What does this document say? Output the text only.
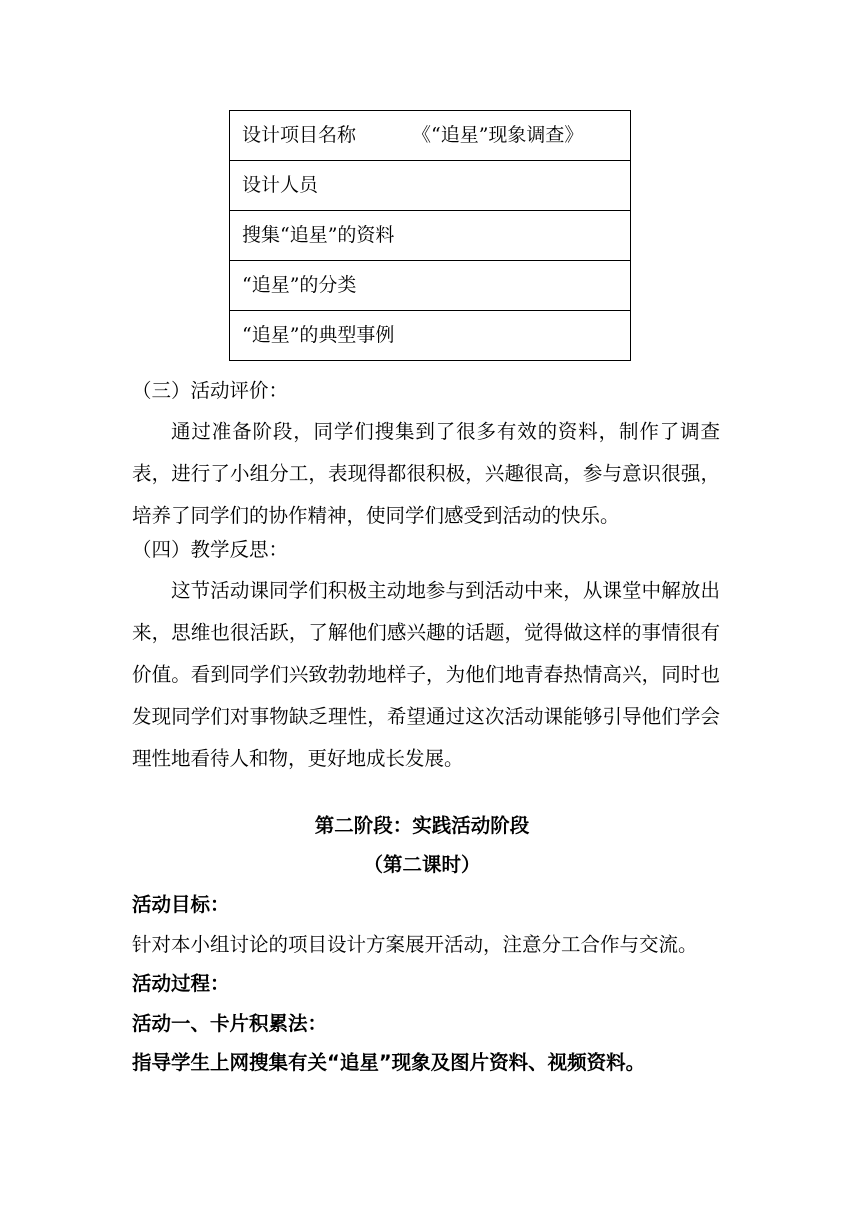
设计项目名称	《“追星”现象调查》
设计人员
搜集“追星”的资料
“追星”的分类
“追星”的典型事例
（三）活动评价：

通过准备阶段，同学们搜集到了很多有效的资料，制作了调查表，进行了小组分工，表现得都很积极，兴趣很高，参与意识很强，培养了同学们的协作精神，使同学们感受到活动的快乐。

（四）教学反思：

这节活动课同学们积极主动地参与到活动中来，从课堂中解放出来，思维也很活跃，了解他们感兴趣的话题，觉得做这样的事情很有价值。看到同学们兴致勃勃地样子，为他们地青春热情高兴，同时也发现同学们对事物缺乏理性，希望通过这次活动课能够引导他们学会理性地看待人和物，更好地成长发展。

第二阶段：实践活动阶段
（第二课时）
活动目标：
针对本小组讨论的项目设计方案展开活动，注意分工合作与交流。
活动过程：
活动一、卡片积累法：
指导学生上网搜集有关“追星”现象及图片资料、视频资料。
